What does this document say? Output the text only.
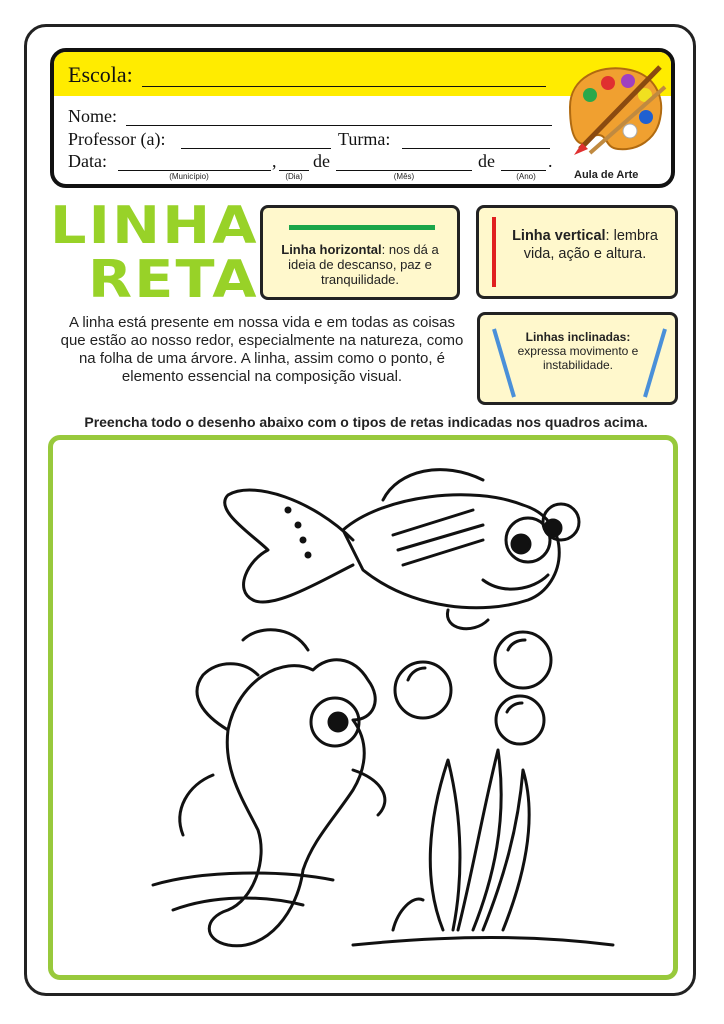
Escola:
Nome:
Professor (a):	Turma:
Data:	, de	de	.
(Município)	(Dia)	(Mês)	(Ano)	Aula de Arte
LINHA
RETA
Linha horizontal: nos dá a ideia de descanso, paz e tranquilidade.
Linha vertical: lembra vida, ação e altura.
Linhas inclinadas:
expressa movimento e instabilidade.
A linha está presente em nossa vida e em todas as coisas que estão ao nosso redor, especialmente na natureza, como na folha de uma árvore. A linha, assim como o ponto, é elemento essencial na composição visual.
Preencha todo o desenho abaixo com o tipos de retas indicadas nos quadros acima.
